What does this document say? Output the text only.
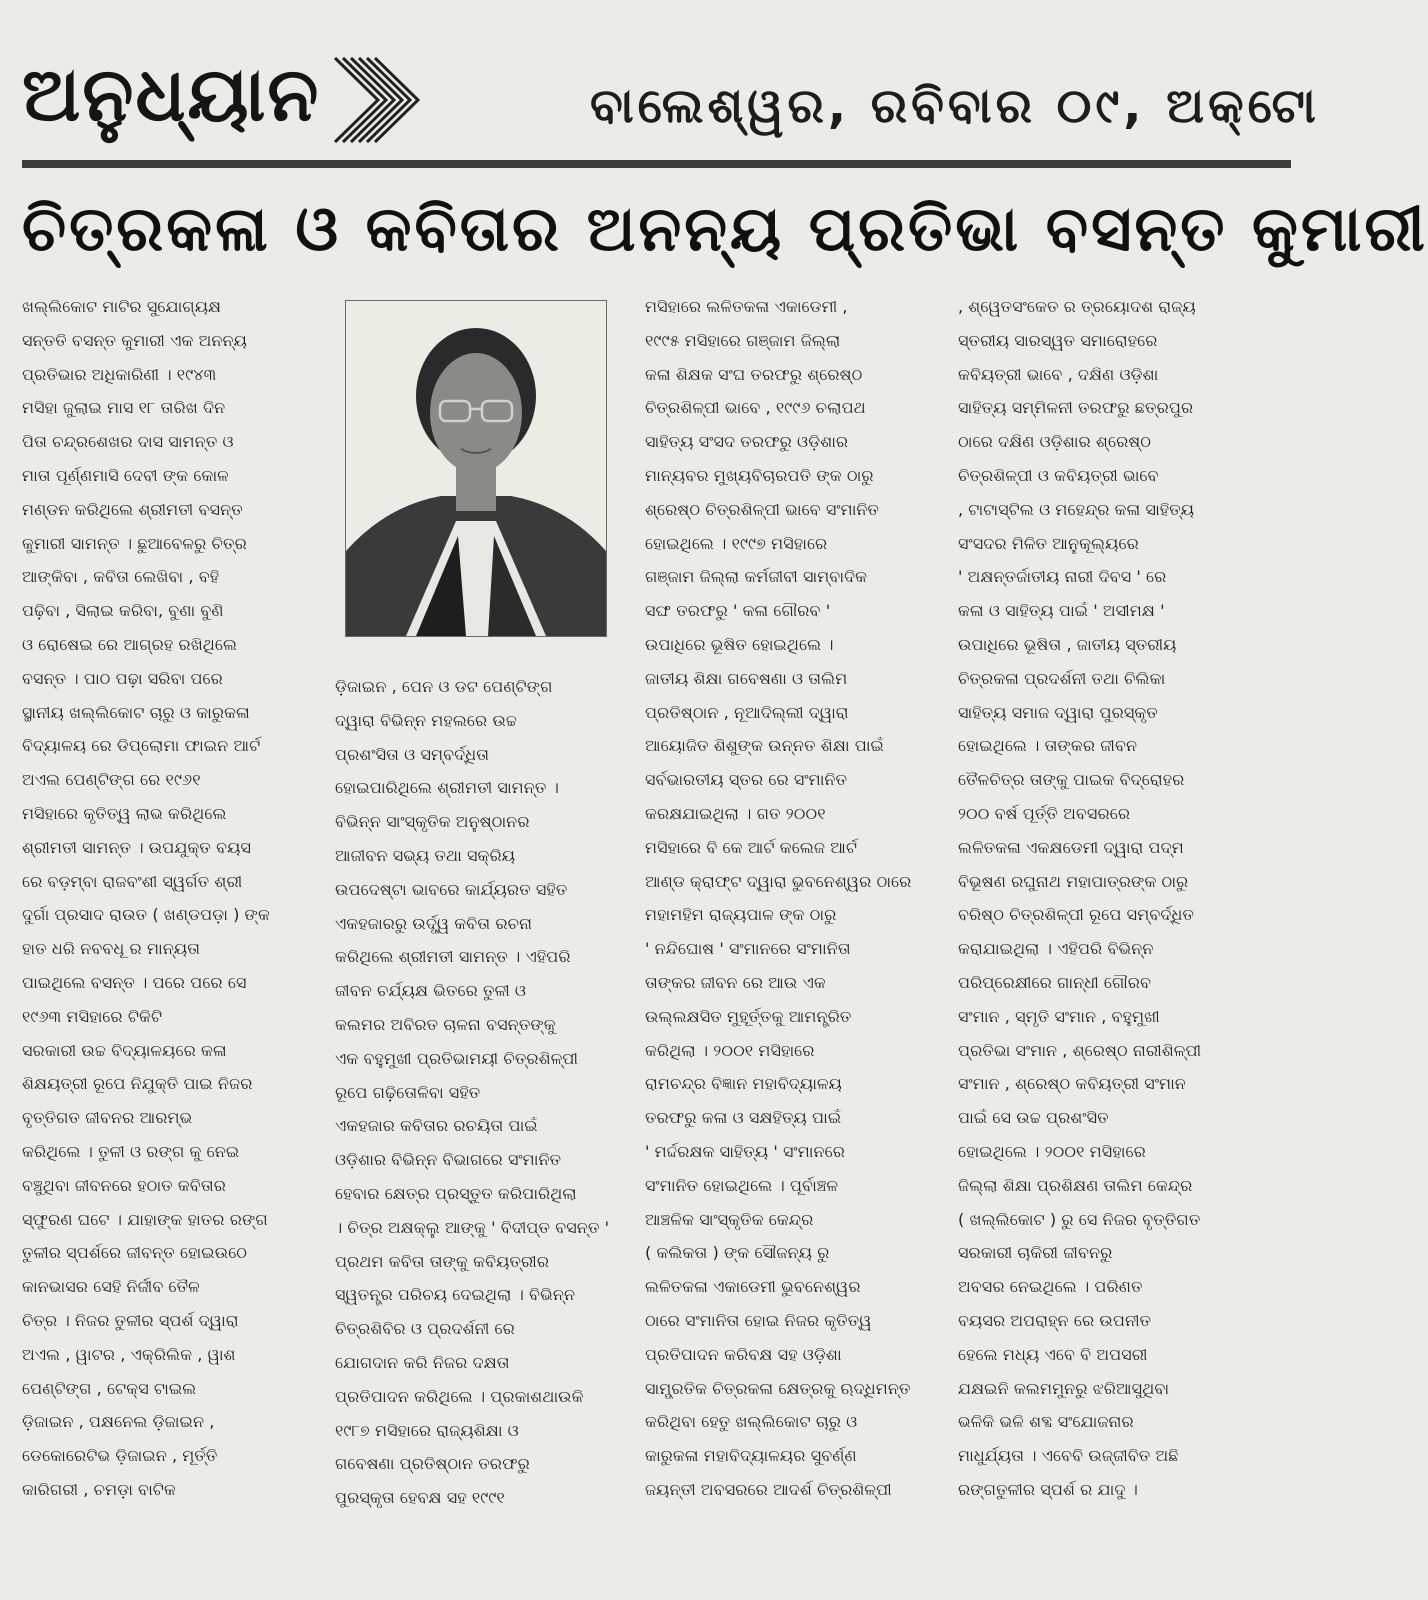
ଅନୁଧ୍ୟାନ	ବାଲେଶ୍ୱର, ରବିବାର ୦୯, ଅକ୍ଟୋ
ଚିତ୍ରକଳା ଓ କବିତାର ଅନନ୍ୟ ପ୍ରତିଭା ବସନ୍ତ କୁମାରୀ
ଖଲ୍ଲିକୋଟ ମାଟିର ସୁଯୋଗ୍ୟକ୍ଷ
ସନ୍ତତି ବସନ୍ତ କୁମାରୀ ଏକ ଅନନ୍ୟ
ପ୍ରତିଭାର ଅଧିକାରିଣୀ । ୧୯୪୩
ମସିହା ଜୁଲାଇ ମାସ ୧୮ ତାରିଖ ଦିନ
ପିତା ଚନ୍ଦ୍ରଶେଖର ଦାସ ସାମନ୍ତ ଓ
ମାତା ପୂର୍ଣ୍ଣମାସି ଦେବୀ ଙ୍କ କୋଳ
ମଣ୍ଡନ କରିଥିଲେ ଶ୍ରୀମତୀ ବସନ୍ତ
କୁମାରୀ ସାମନ୍ତ । ଛୁଆବେଳରୁ ଚିତ୍ର
ଆଙ୍କିବା , କବିତା ଲେଖିବା , ବହି
ପଢ଼ିବା , ସିଲାଇ କରିବା, ବୁଣା ବୁଣି
ଓ ରୋଷେଇ ରେ ଆଗ୍ରହ ରଖିଥିଲେ
ବସନ୍ତ । ପାଠ ପଢ଼ା ସରିବା ପରେ
ସ୍ଥାନୀୟ ଖଲ୍ଲିକୋଟ ଚାରୁ ଓ କାରୁକଳା
ବିଦ୍ୟାଳୟ ରେ ଡିପ୍ଲୋମା ଫାଇନ ଆର୍ଟ
ଅଏଲ ପେଣ୍ଟିଙ୍ଗ ରେ ୧୯୬୧
ମସିହାରେ କୃତିତ୍ୱ ଲାଭ କରିଥିଲେ
ଶ୍ରୀମତୀ ସାମନ୍ତ । ଉପଯୁକ୍ତ ବୟସ
ରେ ବଡ଼ମ୍ବା ରାଜବଂଶୀ ସ୍ୱର୍ଗତ ଶ୍ରୀ
ଦୁର୍ଗା ପ୍ରସାଦ ରାଉତ ( ଖଣ୍ଡପଡ଼ା ) ଙ୍କ
ହାତ ଧରି ନବବଧୂ ର ମାନ୍ୟତା
ପାଇଥିଲେ ବସନ୍ତ । ପରେ ପରେ ସେ
୧୯୬୩ ମସିହାରେ ଟିକିଟି
ସରକାରୀ ଉଚ୍ଚ ବିଦ୍ୟାଳୟରେ କଳା
ଶିକ୍ଷୟତ୍ରୀ ରୂପେ ନିଯୁକ୍ତି ପାଇ ନିଜର
ବୃତ୍ତିଗତ ଜୀବନର ଆରମ୍ଭ
କରିଥିଲେ । ତୁଳୀ ଓ ରଙ୍ଗ କୁ ନେଇ
ବଞ୍ଚୁଥିବା ଜୀବନରେ ହଠାତ କବିତାର
ସ୍ଫୁରଣ ଘଟେ । ଯାହାଙ୍କ ହାତର ରଙ୍ଗ
ତୁଳୀର ସ୍ପର୍ଶରେ ଜୀବନ୍ତ ହୋଇଉଠେ
କାନଭାସର ସେହି ନିର୍ଜୀବ ତୈଳ
ଚିତ୍ର । ନିଜର ତୁଳୀର ସ୍ପର୍ଶ ଦ୍ୱାରା
ଅଏଲ , ୱାଟର , ଏକ୍ରିଲିକ , ୱାଶ
ପେଣ୍ଟିଙ୍ଗ , ଟେକ୍ସ ଟାଇଲ
ଡ଼ିଜାଇନ , ପକ୍ଷନେଲ ଡ଼ିଜାଇନ ,
ଡେକୋରେଟିଭ ଡ଼ିଜାଇନ , ମୂର୍ତ୍ତି
କାରିଗରୀ , ଚମଡ଼ା ବାଟିକ
ଡ଼ିଜାଇନ , ପେନ ଓ ଡଟ ପେଣ୍ଟିଙ୍ଗ
ଦ୍ୱାରା ବିଭିନ୍ନ ମହଲରେ ଉଚ୍ଚ
ପ୍ରଶଂସିତା ଓ ସମ୍ବର୍ଦ୍ଧିତା
ହୋଇପାରିଥିଲେ ଶ୍ରୀମତୀ ସାମନ୍ତ ।
ବିଭିନ୍ନ ସାଂସ୍କୃତିକ ଅନୁଷ୍ଠାନର
ଆଜୀବନ ସଭ୍ୟ ତଥା ସକ୍ରିୟ
ଉପଦେଷ୍ଟା ଭାବରେ କାର୍ଯ୍ୟରତ ସହିତ
ଏକହଜାରରୁ ଉର୍ଦ୍ଧ୍ୱ କବିତା ରଚନା
କରିଥିଲେ ଶ୍ରୀମତୀ ସାମନ୍ତ । ଏହିପରି
ଜୀବନ ଚର୍ଯ୍ୟକ୍ଷ ଭିତରେ ତୁଳୀ ଓ
କଲମର ଅବିରତ ଚାଳନା ବସନ୍ତଙ୍କୁ
ଏକ ବହୁମୁଖୀ ପ୍ରତିଭାମୟୀ ଚିତ୍ରଶିଳ୍ପୀ
ରୂପେ ଗଢ଼ିତୋଳିବା ସହିତ
ଏକହଜାର କବିତାର ରଚୟିତା ପାଇଁ
ଓଡ଼ିଶାର ବିଭିନ୍ନ ବିଭାଗରେ ସଂମାନିତ
ହେବାର କ୍ଷେତ୍ର ପ୍ରସ୍ତୁତ କରିପାରିଥିଲା
। ଚିତ୍ର ଅକ୍ଷକ୍ଲୁ ଆଙ୍କୁ ' ବିଦୀପ୍ତ ବସନ୍ତ '
ପ୍ରଥମ କବିତା ତାଙ୍କୁ କବିୟତ୍ରୀର
ସ୍ୱତନ୍ତ୍ର ପରିଚୟ ଦେଇଥିଲା । ବିଭିନ୍ନ
ଚିତ୍ରଶିବିର ଓ ପ୍ରଦର୍ଶନୀ ରେ
ଯୋଗଦାନ କରି ନିଜର ଦକ୍ଷତା
ପ୍ରତିପାଦନ କରିଥିଲେ । ପ୍ରକାଶଥାଉକି
୧୯୮୭ ମସିହାରେ ରାଜ୍ୟଶିକ୍ଷା ଓ
ଗବେଷଣା ପ୍ରତିଷ୍ଠାନ ତରଫରୁ
ପୁରସ୍କୃତା ହେବକ୍ଷ ସହ ୧୯୯୧
ମସିହାରେ ଲଳିତକଳା ଏକାଡେମୀ ,
୧୯୯୫ ମସିହାରେ ଗଞ୍ଜାମ ଜିଲ୍ଲା
କଳା ଶିକ୍ଷକ ସଂଘ ତରଫରୁ ଶ୍ରେଷ୍ଠ
ଚିତ୍ରଶିଳ୍ପୀ ଭାବେ , ୧୯୯୬ ଚଲାପଥ
ସାହିତ୍ୟ ସଂସଦ ତରଫରୁ ଓଡ଼ିଶାର
ମାନ୍ୟବର ମୁଖ୍ୟବିଚାରପତି ଙ୍କ ଠାରୁ
ଶ୍ରେଷ୍ଠ ଚିତ୍ରଶିଳ୍ପୀ ଭାବେ ସଂମାନିତ
ହୋଇଥିଲେ । ୧୯୯୭ ମସିହାରେ
ଗଞ୍ଜାମ ଜିଲ୍ଲା କର୍ମଜୀବୀ ସାମ୍ବାଦିକ
ସଙ୍ଘ ତରଫରୁ ' କଳା ଗୌରବ '
ଉପାଧିରେ ଭୂଷିତ ହୋଇଥିଲେ ।
ଜାତୀୟ ଶିକ୍ଷା ଗବେଷଣା ଓ ତାଲିମ
ପ୍ରତିଷ୍ଠାନ , ନୂଆଦିଲ୍ଲୀ ଦ୍ୱାରା
ଆୟୋଜିତ ଶିଶୁଙ୍କ ଉନ୍ନତ ଶିକ୍ଷା ପାଇଁ
ସର୍ବଭାରତୀୟ ସ୍ତର ରେ ସଂମାନିତ
କରକ୍ଷଯାଇଥିଲା । ଗତ ୨୦୦୧
ମସିହାରେ ବି କେ ଆର୍ଟ କଲେଜ ଆର୍ଟ
ଆଣ୍ଡ କ୍ରାଫ୍ଟ ଦ୍ୱାରା ଭୁବନେଶ୍ୱର ଠାରେ
ମହାମହିମ ରାଜ୍ୟପାଳ ଙ୍କ ଠାରୁ
' ନନ୍ଦିଘୋଷ ' ସଂମାନରେ ସଂମାନିତା
ତାଙ୍କର ଜୀବନ ରେ ଆଉ ଏକ
ଉଲ୍ଲକ୍ଷସିତ ମୁହୂର୍ତ୍ତକୁ ଆମନ୍ତ୍ରିତ
କରିଥିଲା । ୨୦୦୧ ମସିହାରେ
ରାମଚନ୍ଦ୍ର ବିଜ୍ଞାନ ମହାବିଦ୍ୟାଳୟ
ତରଫରୁ କଳା ଓ ସକ୍ଷହିତ୍ୟ ପାଇଁ
' ମର୍ଦ୍ଦରକ୍ଷକ ସାହିତ୍ୟ ' ସଂମାନରେ
ସଂମାନିତ ହୋଇଥିଲେ । ପୂର୍ବାଞ୍ଚଳ
ଆଞ୍ଚଳିକ ସାଂସ୍କୃତିକ କେନ୍ଦ୍ର
( କଲିକତା ) ଙ୍କ ସୌଜନ୍ୟ ରୁ
ଲଳିତକଳା ଏକାଡେମୀ ଭୁବନେଶ୍ୱର
ଠାରେ ସଂମାନିତା ହୋଇ ନିଜର କୃତିତ୍ୱ
ପ୍ରତିପାଦନ କରିବକ୍ଷ ସହ ଓଡ଼ିଶା
ସାମ୍ପ୍ରତିକ ଚିତ୍ରକଳା କ୍ଷେତ୍ରକୁ ଋଦ୍ଧିମନ୍ତ
କରିଥିବା ହେତୁ ଖଲ୍ଲିକୋଟ ଚାରୁ ଓ
କାରୁକଳା ମହାବିଦ୍ୟାଳୟର ସୁବର୍ଣ୍ଣ
ଜୟନ୍ତୀ ଅବସରରେ ଆଦର୍ଶ ଚିତ୍ରଶିଳ୍ପୀ
, ଶ୍ୱେତସଂକେତ ର ତ୍ରୟୋଦଶ ରାଜ୍ୟ
ସ୍ତରୀୟ ସାରସ୍ୱତ ସମାରୋହରେ
କବିୟତ୍ରୀ ଭାବେ , ଦକ୍ଷିଣ ଓଡ଼ିଶା
ସାହିତ୍ୟ ସମ୍ମିଳନୀ ତରଫରୁ ଛତ୍ରପୁର
ଠାରେ ଦକ୍ଷିଣ ଓଡ଼ିଶାର ଶ୍ରେଷ୍ଠ
ଚିତ୍ରଶିଳ୍ପୀ ଓ କବିୟତ୍ରୀ ଭାବେ
, ଟାଟାସ୍ଟିଲ ଓ ମହେନ୍ଦ୍ର କଳା ସାହିତ୍ୟ
ସଂସଦର ମିଳିତ ଆନୁକୂଲ୍ୟରେ
' ଅକ୍ଷନ୍ତର୍ଜାତୀୟ ନାରୀ ଦିବସ ' ରେ
କଳା ଓ ସାହିତ୍ୟ ପାଇଁ ' ଅସୀମକ୍ଷ '
ଉପାଧିରେ ଭୂଷିତା , ଜାତୀୟ ସ୍ତରୀୟ
ଚିତ୍ରକଳା ପ୍ରଦର୍ଶନୀ ତଥା ଚିଲିକା
ସାହିତ୍ୟ ସମାଜ ଦ୍ୱାରା ପୁରସ୍କୃତ
ହୋଇଥିଲେ । ତାଙ୍କର ଜୀବନ
ତୈଳଚିତ୍ର ତାଙ୍କୁ ପାଇକ ବିଦ୍ରୋହର
୨୦୦ ବର୍ଷ ପୂର୍ତ୍ତି ଅବସରରେ
ଲଳିତକଳା ଏକକ୍ଷଡେମୀ ଦ୍ୱାରା ପଦ୍ମ
ବିଭୂଷଣ ରଘୁନାଥ ମହାପାତ୍ରଙ୍କ ଠାରୁ
ବରିଷ୍ଠ ଚିତ୍ରଶିଳ୍ପୀ ରୂପେ ସମ୍ବର୍ଦ୍ଧିତ
କରାଯାଇଥିଲା । ଏହିପରି ବିଭିନ୍ନ
ପରିପ୍ରେକ୍ଷୀରେ ଗାନ୍ଧୀ ଗୌରବ
ସଂମାନ , ସ୍ମୃତି ସଂମାନ , ବହୁମୁଖୀ
ପ୍ରତିଭା ସଂମାନ , ଶ୍ରେଷ୍ଠ ନାରୀଶିଳ୍ପୀ
ସଂମାନ , ଶ୍ରେଷ୍ଠ କବିୟତ୍ରୀ ସଂମାନ
ପାଇଁ ସେ ଉଚ୍ଚ ପ୍ରଶଂସିତ
ହୋଇଥିଲେ । ୨୦୦୧ ମସିହାରେ
ଜିଲ୍ଲା ଶିକ୍ଷା ପ୍ରଶିକ୍ଷଣ ତାଲିମ କେନ୍ଦ୍ର
( ଖଲ୍ଲିକୋଟ ) ରୁ ସେ ନିଜର ବୃତ୍ତିଗତ
ସରକାରୀ ଚାକିରୀ ଜୀବନରୁ
ଅବସର ନେଇଥିଲେ । ପରିଣତ
ବୟସର ଅପରାହ୍ନ ରେ ଉପନୀତ
ହେଲେ ମଧ୍ୟ ଏବେ ବି ଅପସରୀ
ଯକ୍ଷଇନି କଲମମୁନରୁ ଝରିଆସୁଥିବା
ଭଳିକି ଭଳି ଶବ୍ଦ ସଂଯୋଜନାର
ମାଧୁର୍ଯ୍ୟତା । ଏବେବି ଉଜ୍ଜୀବିତ ଅଛି
ରଙ୍ଗତୁଳୀର ସ୍ପର୍ଶ ର ଯାଦୁ ।
